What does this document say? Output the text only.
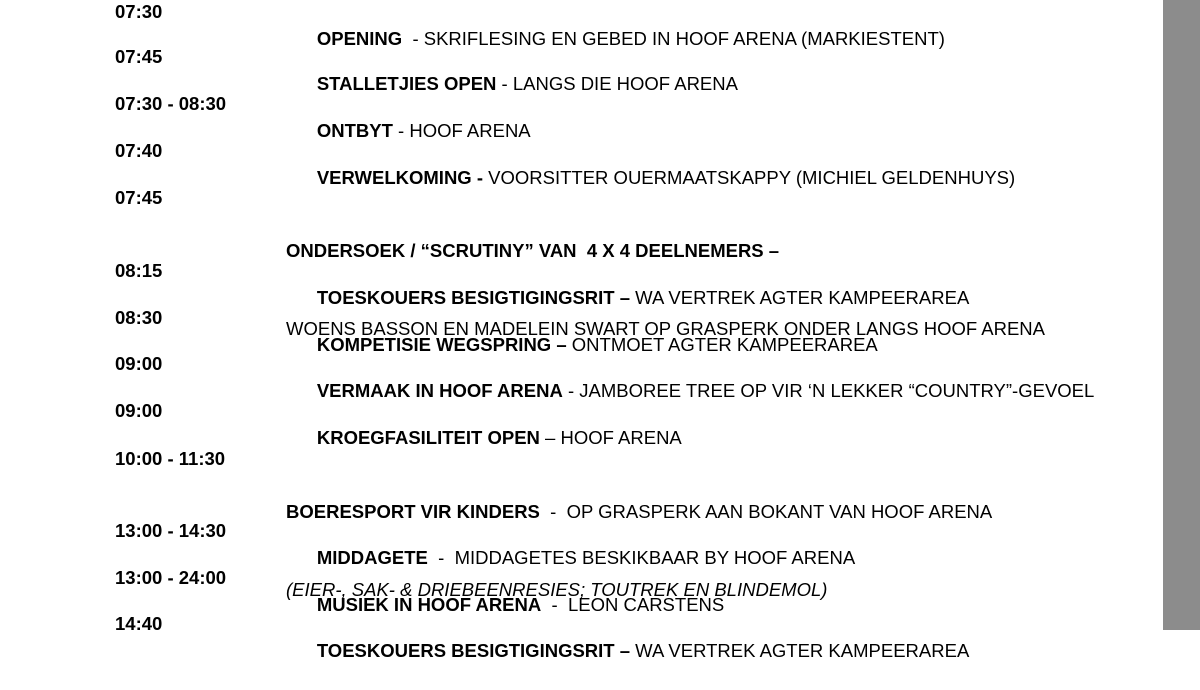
07:30

OPENING  - SKRIFLESING EN GEBED IN HOOF ARENA (MARKIESTENT)

07:45

STALLETJIES OPEN - LANGS DIE HOOF ARENA

07:30 - 08:30

ONTBYT - HOOF ARENA

07:40

VERWELKOMING - VOORSITTER OUERMAATSKAPPY (MICHIEL GELDENHUYS)

07:45

ONDERSOEK / “SCRUTINY” VAN  4 X 4 DEELNEMERS –

WOENS BASSON EN MADELEIN SWART OP GRASPERK ONDER LANGS HOOF ARENA

08:15

TOESKOUERS BESIGTIGINGSRIT – WA VERTREK AGTER KAMPEERAREA

08:30

KOMPETISIE WEGSPRING – ONTMOET AGTER KAMPEERAREA

09:00

VERMAAK IN HOOF ARENA - JAMBOREE TREE OP VIR ‘N LEKKER “COUNTRY”-GEVOEL

09:00

KROEGFASILITEIT OPEN – HOOF ARENA

10:00 - 11:30

BOERESPORT VIR KINDERS  -  OP GRASPERK AAN BOKANT VAN HOOF ARENA

(EIER-, SAK- & DRIEBEENRESIES; TOUTREK EN BLINDEMOL)

13:00 - 14:30

MIDDAGETE  -  MIDDAGETES BESKIKBAAR BY HOOF ARENA

13:00 - 24:00

MUSIEK IN HOOF ARENA  -  LEON CARSTENS

14:40

TOESKOUERS BESIGTIGINGSRIT – WA VERTREK AGTER KAMPEERAREA
